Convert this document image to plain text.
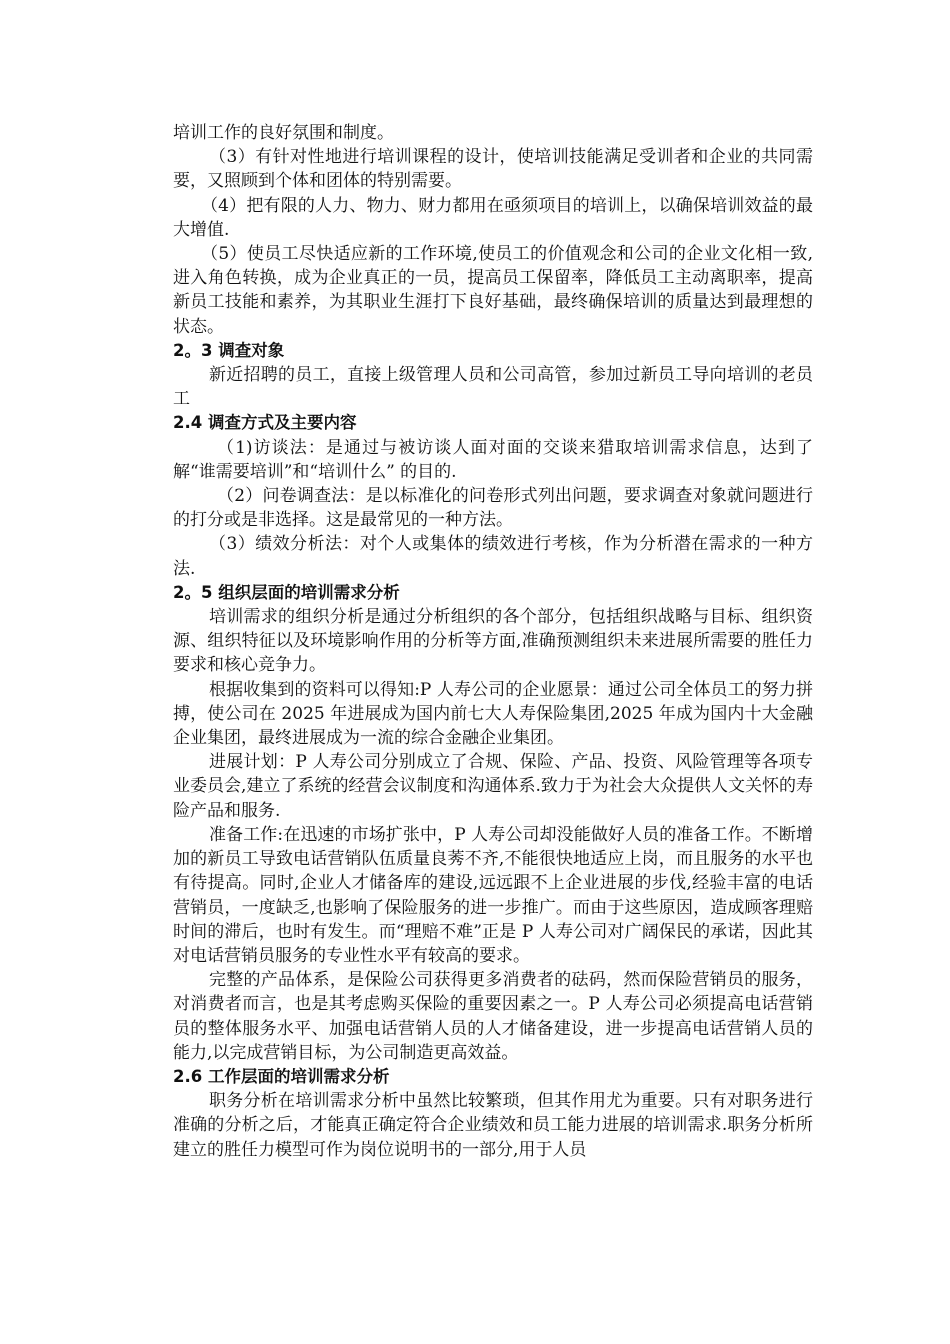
培训工作的良好氛围和制度。

（3）有针对性地进行培训课程的设计，使培训技能满足受训者和企业的共同需要，又照顾到个体和团体的特别需要。

（4）把有限的人力、物力、财力都用在亟须项目的培训上，以确保培训效益的最大增值.

（5）使员工尽快适应新的工作环境,使员工的价值观念和公司的企业文化相一致,进入角色转换，成为企业真正的一员，提高员工保留率，降低员工主动离职率，提高新员工技能和素养，为其职业生涯打下良好基础，最终确保培训的质量达到最理想的状态。

2。3 调查对象

新近招聘的员工，直接上级管理人员和公司高管，参加过新员工导向培训的老员工

2.4 调查方式及主要内容

（1)访谈法：是通过与被访谈人面对面的交谈来猎取培训需求信息，达到了解“谁需要培训”和“培训什么” 的目的.

（2）问卷调查法：是以标准化的问卷形式列出问题，要求调查对象就问题进行的打分或是非选择。这是最常见的一种方法。

（3）绩效分析法：对个人或集体的绩效进行考核，作为分析潜在需求的一种方法.

2。5 组织层面的培训需求分析

培训需求的组织分析是通过分析组织的各个部分，包括组织战略与目标、组织资源、组织特征以及环境影响作用的分析等方面,准确预测组织未来进展所需要的胜任力要求和核心竞争力。

根据收集到的资料可以得知:P 人寿公司的企业愿景：通过公司全体员工的努力拼搏，使公司在 2025 年进展成为国内前七大人寿保险集团,2025 年成为国内十大金融企业集团，最终进展成为一流的综合金融企业集团。

进展计划：P 人寿公司分别成立了合规、保险、产品、投资、风险管理等各项专业委员会,建立了系统的经营会议制度和沟通体系.致力于为社会大众提供人文关怀的寿险产品和服务.

准备工作:在迅速的市场扩张中，P 人寿公司却没能做好人员的准备工作。不断增加的新员工导致电话营销队伍质量良莠不齐,不能很快地适应上岗，而且服务的水平也有待提高。同时,企业人才储备库的建设,远远跟不上企业进展的步伐,经验丰富的电话营销员，一度缺乏,也影响了保险服务的进一步推广。而由于这些原因，造成顾客理赔时间的滞后，也时有发生。而“理赔不难”正是 P 人寿公司对广阔保民的承诺，因此其对电话营销员服务的专业性水平有较高的要求。

完整的产品体系，是保险公司获得更多消费者的砝码，然而保险营销员的服务，对消费者而言，也是其考虑购买保险的重要因素之一。P 人寿公司必须提高电话营销员的整体服务水平、加强电话营销人员的人才储备建设，进一步提高电话营销人员的能力,以完成营销目标，为公司制造更高效益。

2.6 工作层面的培训需求分析

职务分析在培训需求分析中虽然比较繁琐，但其作用尤为重要。只有对职务进行准确的分析之后，才能真正确定符合企业绩效和员工能力进展的培训需求.职务分析所建立的胜任力模型可作为岗位说明书的一部分,用于人员
